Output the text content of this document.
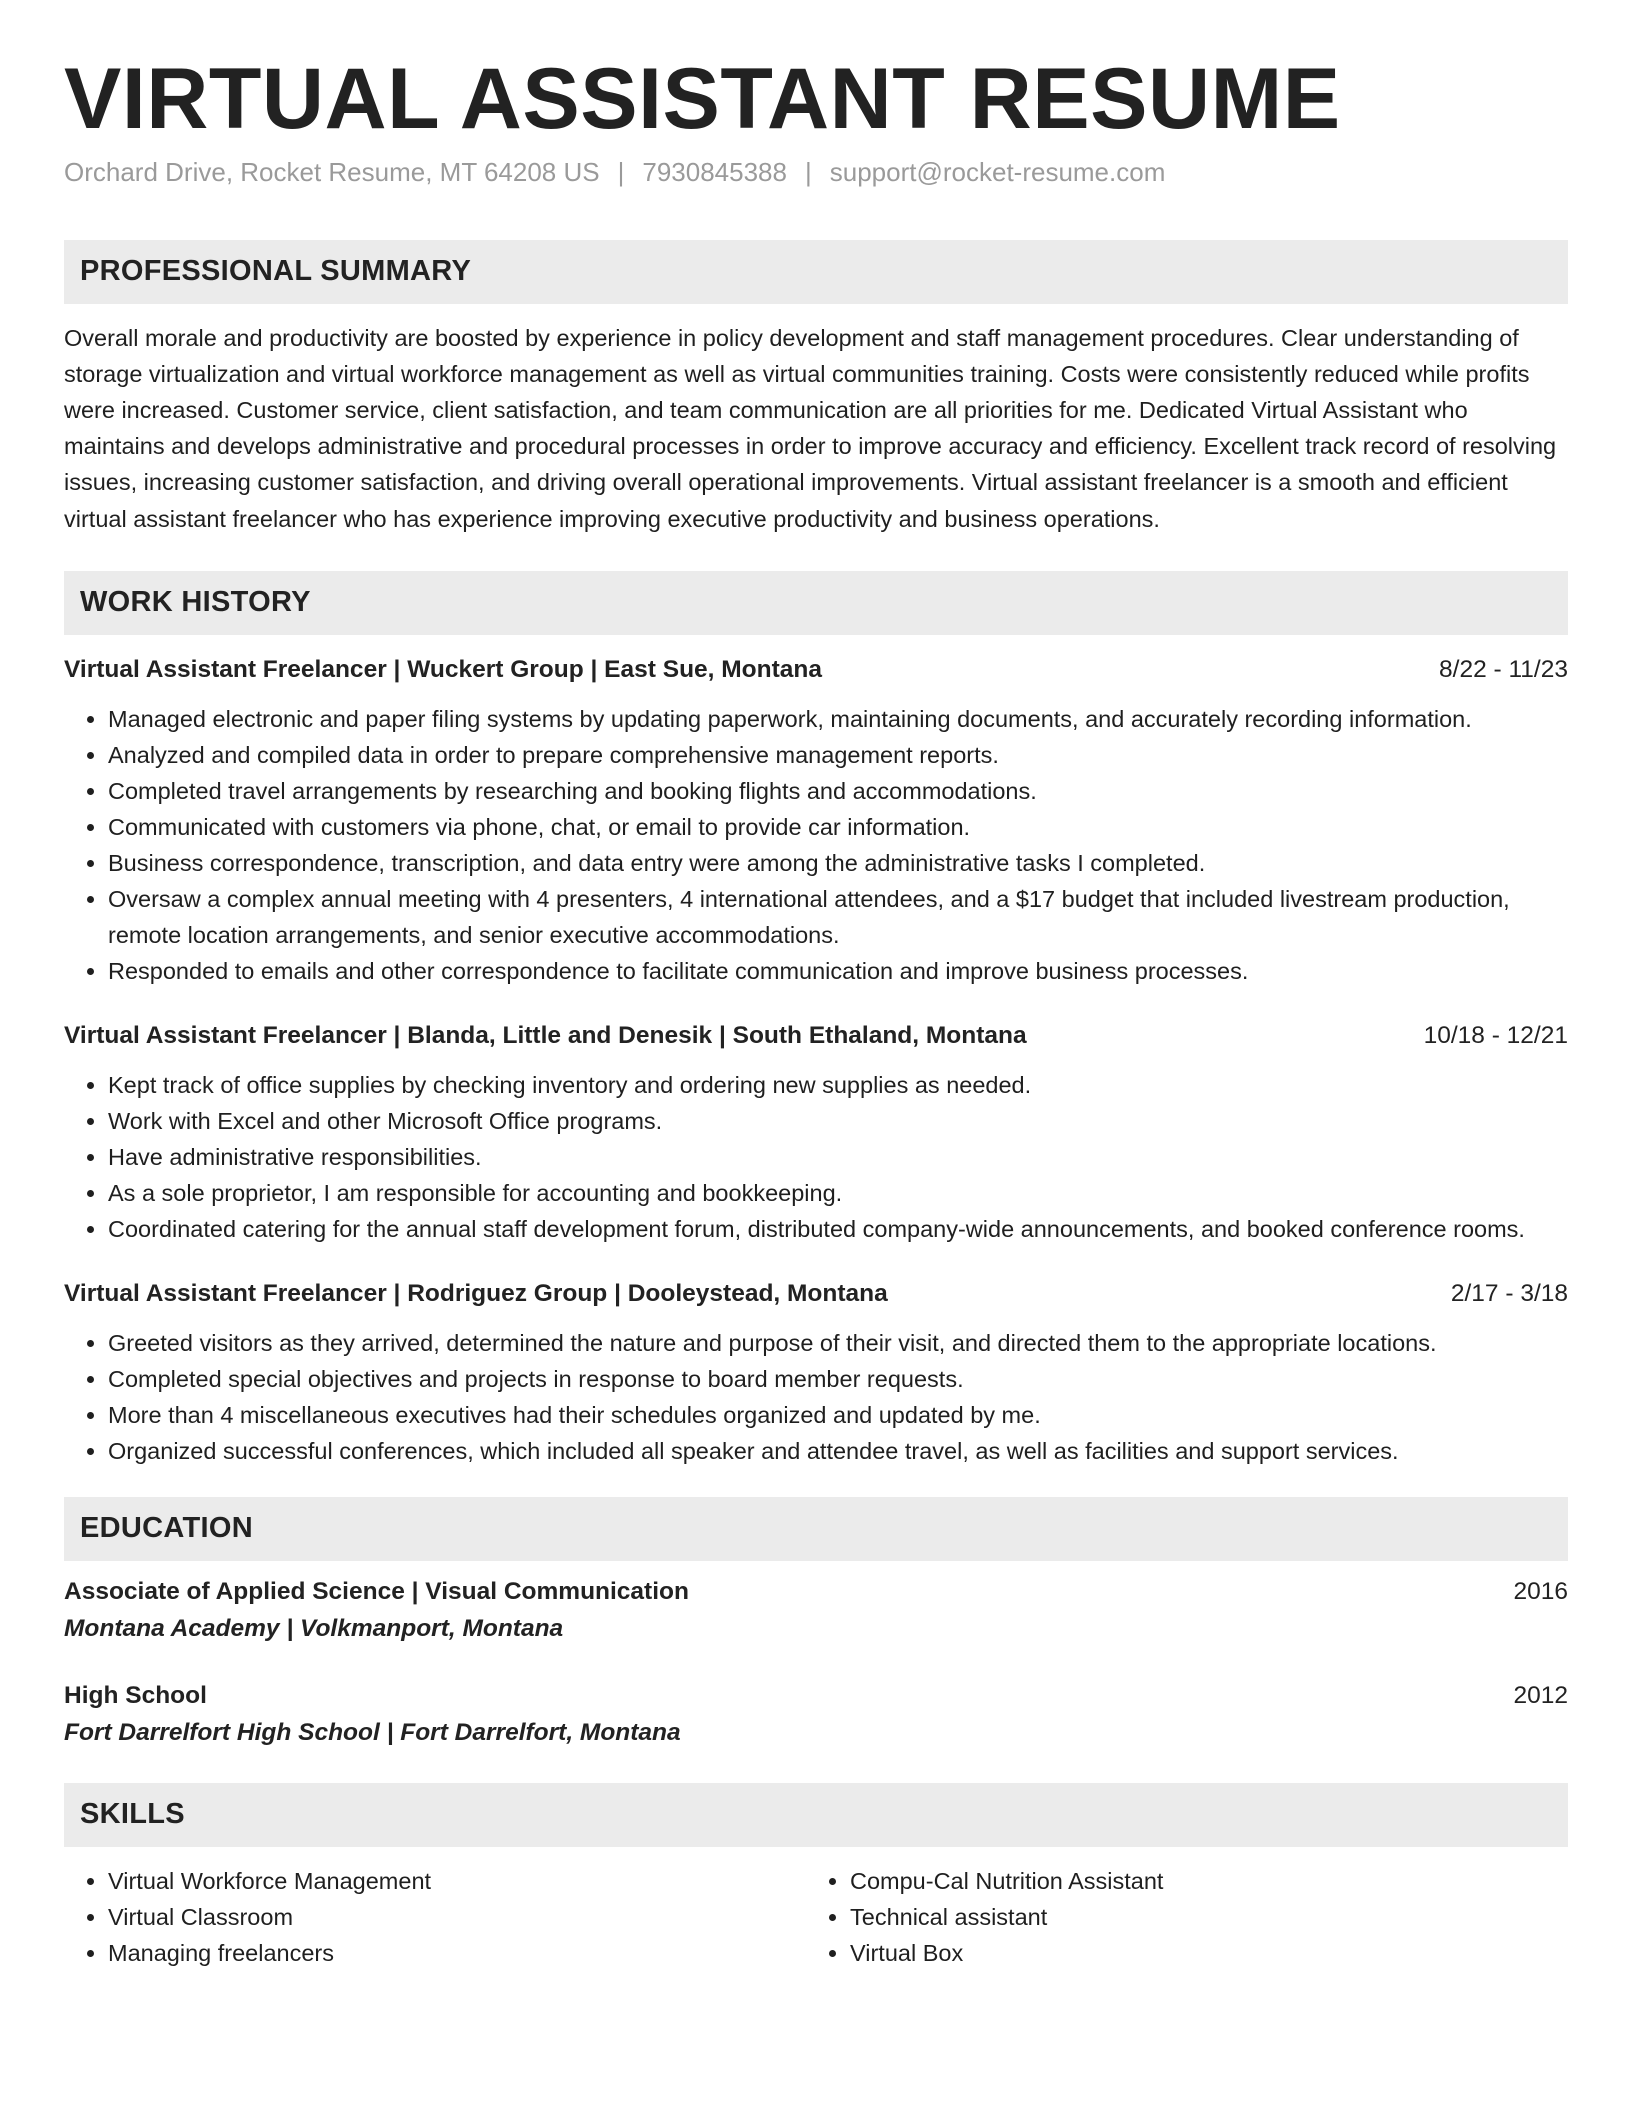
VIRTUAL ASSISTANT RESUME
Orchard Drive, Rocket Resume, MT 64208 US | 7930845388 | support@rocket-resume.com
PROFESSIONAL SUMMARY
Overall morale and productivity are boosted by experience in policy development and staff management procedures. Clear understanding of storage virtualization and virtual workforce management as well as virtual communities training. Costs were consistently reduced while profits were increased. Customer service, client satisfaction, and team communication are all priorities for me. Dedicated Virtual Assistant who maintains and develops administrative and procedural processes in order to improve accuracy and efficiency. Excellent track record of resolving issues, increasing customer satisfaction, and driving overall operational improvements. Virtual assistant freelancer is a smooth and efficient virtual assistant freelancer who has experience improving executive productivity and business operations.
WORK HISTORY
Virtual Assistant Freelancer | Wuckert Group | East Sue, Montana	8/22 - 11/23
• Managed electronic and paper filing systems by updating paperwork, maintaining documents, and accurately recording information.
• Analyzed and compiled data in order to prepare comprehensive management reports.
• Completed travel arrangements by researching and booking flights and accommodations.
• Communicated with customers via phone, chat, or email to provide car information.
• Business correspondence, transcription, and data entry were among the administrative tasks I completed.
• Oversaw a complex annual meeting with 4 presenters, 4 international attendees, and a $17 budget that included livestream production, remote location arrangements, and senior executive accommodations.
• Responded to emails and other correspondence to facilitate communication and improve business processes.
Virtual Assistant Freelancer | Blanda, Little and Denesik | South Ethaland, Montana	10/18 - 12/21
• Kept track of office supplies by checking inventory and ordering new supplies as needed.
• Work with Excel and other Microsoft Office programs.
• Have administrative responsibilities.
• As a sole proprietor, I am responsible for accounting and bookkeeping.
• Coordinated catering for the annual staff development forum, distributed company-wide announcements, and booked conference rooms.
Virtual Assistant Freelancer | Rodriguez Group | Dooleystead, Montana	2/17 - 3/18
• Greeted visitors as they arrived, determined the nature and purpose of their visit, and directed them to the appropriate locations.
• Completed special objectives and projects in response to board member requests.
• More than 4 miscellaneous executives had their schedules organized and updated by me.
• Organized successful conferences, which included all speaker and attendee travel, as well as facilities and support services.
EDUCATION
Associate of Applied Science | Visual Communication	2016
Montana Academy | Volkmanport, Montana
High School	2012
Fort Darrelfort High School | Fort Darrelfort, Montana
SKILLS
• Virtual Workforce Management
• Virtual Classroom
• Managing freelancers
• Compu-Cal Nutrition Assistant
• Technical assistant
• Virtual Box
